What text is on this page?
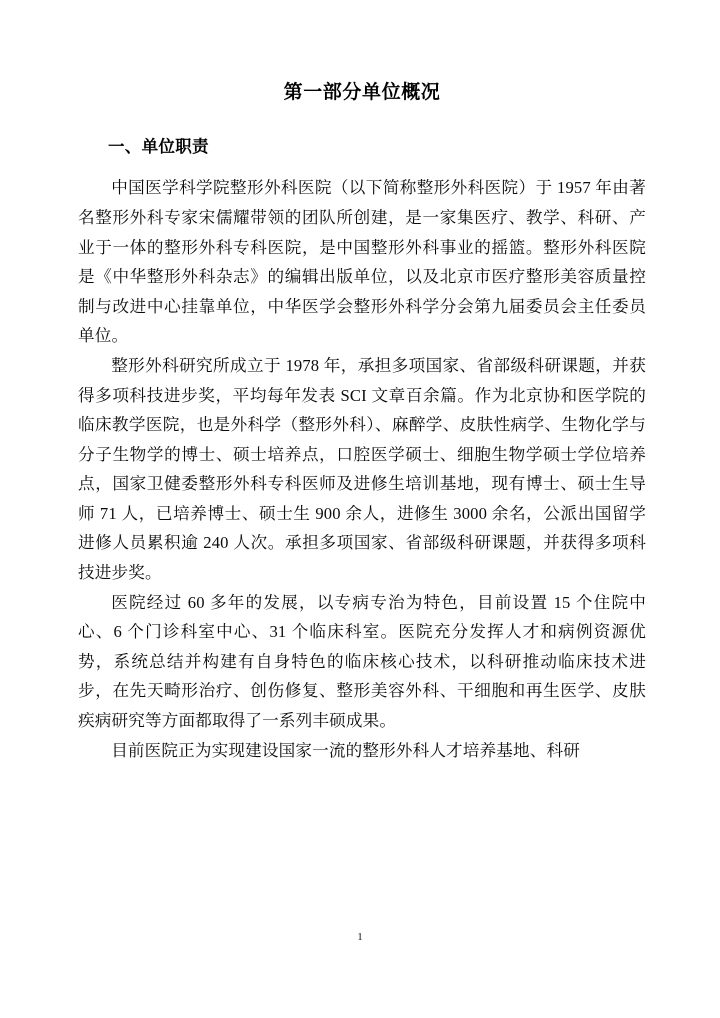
第一部分单位概况
一、单位职责

中国医学科学院整形外科医院（以下简称整形外科医院）于 1957 年由著名整形外科专家宋儒耀带领的团队所创建，是一家集医疗、教学、科研、产业于一体的整形外科专科医院，是中国整形外科事业的摇篮。整形外科医院是《中华整形外科杂志》的编辑出版单位，以及北京市医疗整形美容质量控制与改进中心挂靠单位，中华医学会整形外科学分会第九届委员会主任委员单位。

整形外科研究所成立于 1978 年，承担多项国家、省部级科研课题，并获得多项科技进步奖，平均每年发表 SCI 文章百余篇。作为北京协和医学院的临床教学医院，也是外科学（整形外科）、麻醉学、皮肤性病学、生物化学与分子生物学的博士、硕士培养点，口腔医学硕士、细胞生物学硕士学位培养点，国家卫健委整形外科专科医师及进修生培训基地，现有博士、硕士生导师 71 人，已培养博士、硕士生 900 余人，进修生 3000 余名，公派出国留学进修人员累积逾 240 人次。承担多项国家、省部级科研课题，并获得多项科技进步奖。

医院经过 60 多年的发展，以专病专治为特色，目前设置 15 个住院中心、6 个门诊科室中心、31 个临床科室。医院充分发挥人才和病例资源优势，系统总结并构建有自身特色的临床核心技术，以科研推动临床技术进步，在先天畸形治疗、创伤修复、整形美容外科、干细胞和再生医学、皮肤疾病研究等方面都取得了一系列丰硕成果。

目前医院正为实现建设国家一流的整形外科人才培养基地、科研

1
